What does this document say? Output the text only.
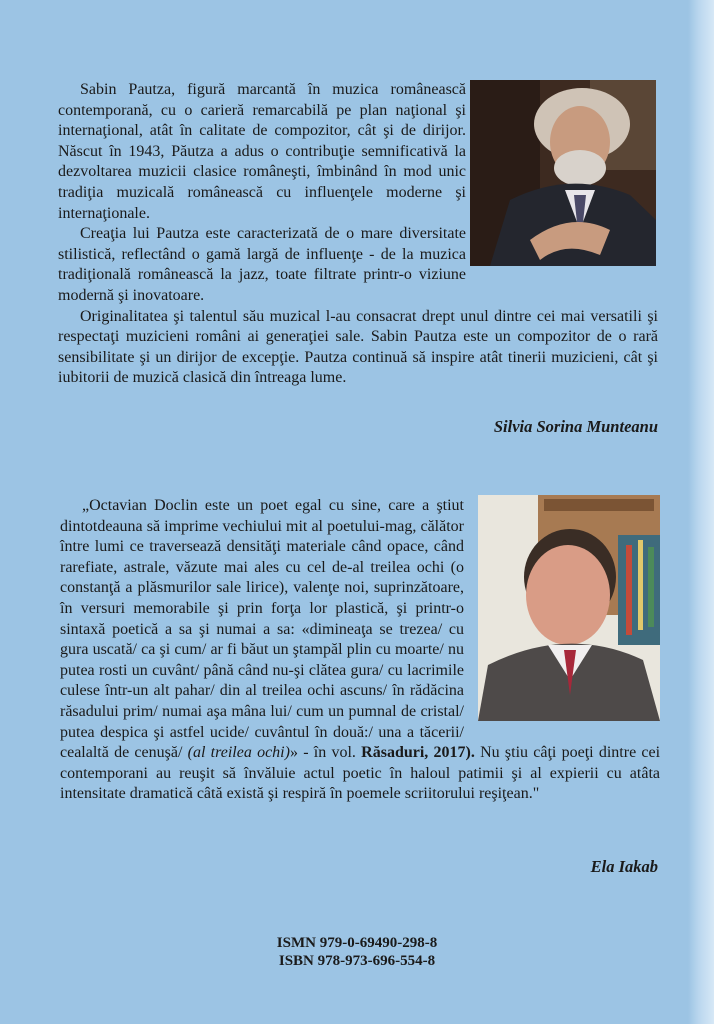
Sabin Pautza, figură marcantă în muzica românească contemporană, cu o carieră remarcabilă pe plan naţional şi internaţional, atât în calitate de compozitor, cât şi de dirijor. Născut în 1943, Păutza a adus o contribuţie semnificativă la dezvoltarea muzicii clasice româneşti, îmbinând în mod unic tradiţia muzicală românească cu influenţele moderne şi internaţionale.

Creaţia lui Pautza este caracterizată de o mare diversitate stilistică, reflectând o gamă largă de influenţe - de la muzica tradiţională românească la jazz, toate filtrate printr-o viziune modernă şi inovatoare.

Originalitatea şi talentul său muzical l-au consacrat drept unul dintre cei mai versatili şi respectaţi muzicieni români ai generaţiei sale. Sabin Pautza este un compozitor de o rară sensibilitate şi un dirijor de excepţie. Pautza continuă să inspire atât tinerii muzicieni, cât şi iubitorii de muzică clasică din întreaga lume.

Silvia Sorina Munteanu

„Octavian Doclin este un poet egal cu sine, care a ştiut dintotdeauna să imprime vechiului mit al poetului-mag, călător între lumi ce traversează densităţi materiale când opace, când rarefiate, astrale, văzute mai ales cu cel de-al treilea ochi (o constanţă a plăsmurilor sale lirice), valenţe noi, suprinzătoare, în versuri memorabile şi prin forţa lor plastică, şi printr-o sintaxă poetică a sa şi numai a sa: «dimineaţa se trezea/ cu gura uscată/ ca şi cum/ ar fi băut un ştampăl plin cu moarte/ nu putea rosti un cuvânt/ până când nu-şi clătea gura/ cu lacrimile culese într-un alt pahar/ din al treilea ochi ascuns/ în rădăcina răsadului prim/ numai aşa mâna lui/ cum un pumnal de cristal/ putea despica şi astfel ucide/ cuvântul în două:/ una a tăcerii/ cealaltă de cenuşă/ (al treilea ochi)» - în vol. Răsaduri, 2017). Nu ştiu câţi poeţi dintre cei contemporani au reuşit să învăluie actul poetic în haloul patimii şi al expierii cu atâta intensitate dramatică câtă există şi respiră în poemele scriitorului reşiţean."

Ela Iakab
ISMN 979-0-69490-298-8
ISBN 978-973-696-554-8
